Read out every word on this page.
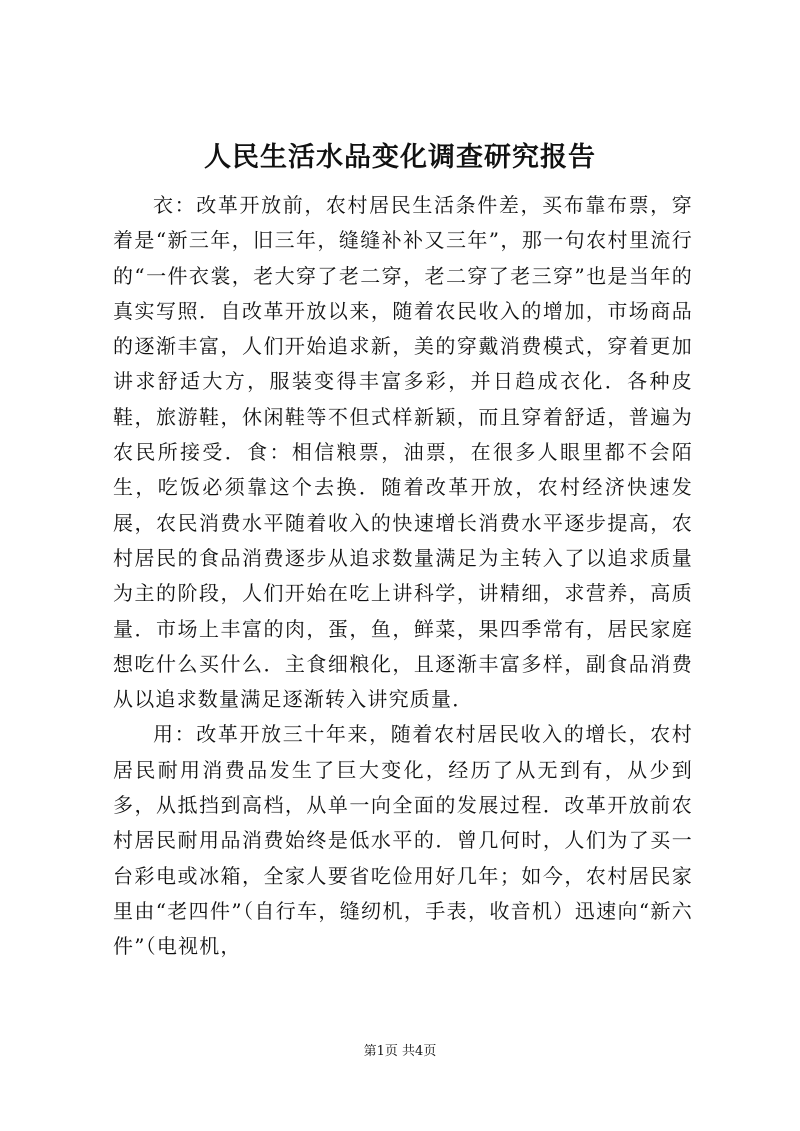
人民生活水品变化调查研究报告

衣：改革开放前，农村居民生活条件差，买布靠布票，穿着是“新三年，旧三年，缝缝补补又三年”，那一句农村里流行的“一件衣裳，老大穿了老二穿，老二穿了老三穿”也是当年的真实写照．自改革开放以来，随着农民收入的增加，市场商品的逐渐丰富，人们开始追求新，美的穿戴消费模式，穿着更加讲求舒适大方，服装变得丰富多彩，并日趋成衣化．各种皮鞋，旅游鞋，休闲鞋等不但式样新颖，而且穿着舒适，普遍为农民所接受．食：相信粮票，油票，在很多人眼里都不会陌生，吃饭必须靠这个去换．随着改革开放，农村经济快速发展，农民消费水平随着收入的快速增长消费水平逐步提高，农村居民的食品消费逐步从追求数量满足为主转入了以追求质量为主的阶段，人们开始在吃上讲科学，讲精细，求营养，高质量．市场上丰富的肉，蛋，鱼，鲜菜，果四季常有，居民家庭想吃什么买什么．主食细粮化，且逐渐丰富多样，副食品消费从以追求数量满足逐渐转入讲究质量．

用：改革开放三十年来，随着农村居民收入的增长，农村居民耐用消费品发生了巨大变化，经历了从无到有，从少到多，从抵挡到高档，从单一向全面的发展过程．改革开放前农村居民耐用品消费始终是低水平的．曾几何时，人们为了买一台彩电或冰箱，全家人要省吃俭用好几年；如今，农村居民家里由“老四件”（自行车，缝纫机，手表，收音机）迅速向“新六件”（电视机，

第1页 共4页
